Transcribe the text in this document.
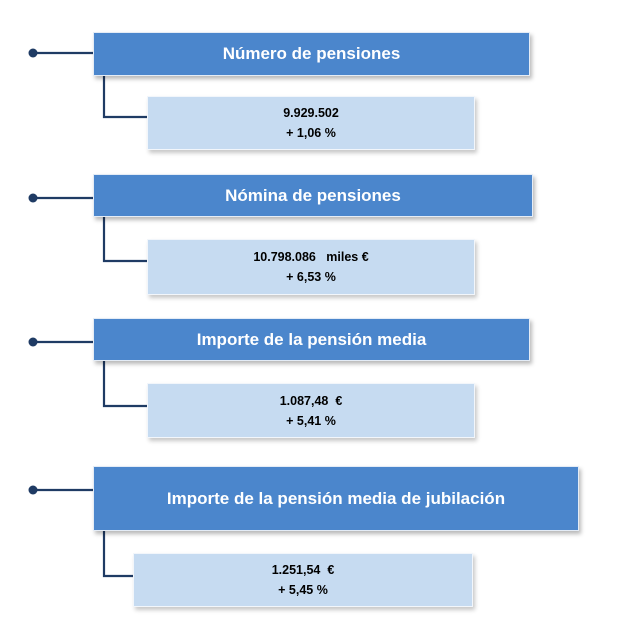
Número de pensiones
9.929.502
+ 1,06 %
Nómina de pensiones
10.798.086   miles €
+ 6,53 %
Importe de la pensión media
1.087,48  €
+ 5,41 %
Importe de la pensión media de jubilación
1.251,54  €
+ 5,45 %
